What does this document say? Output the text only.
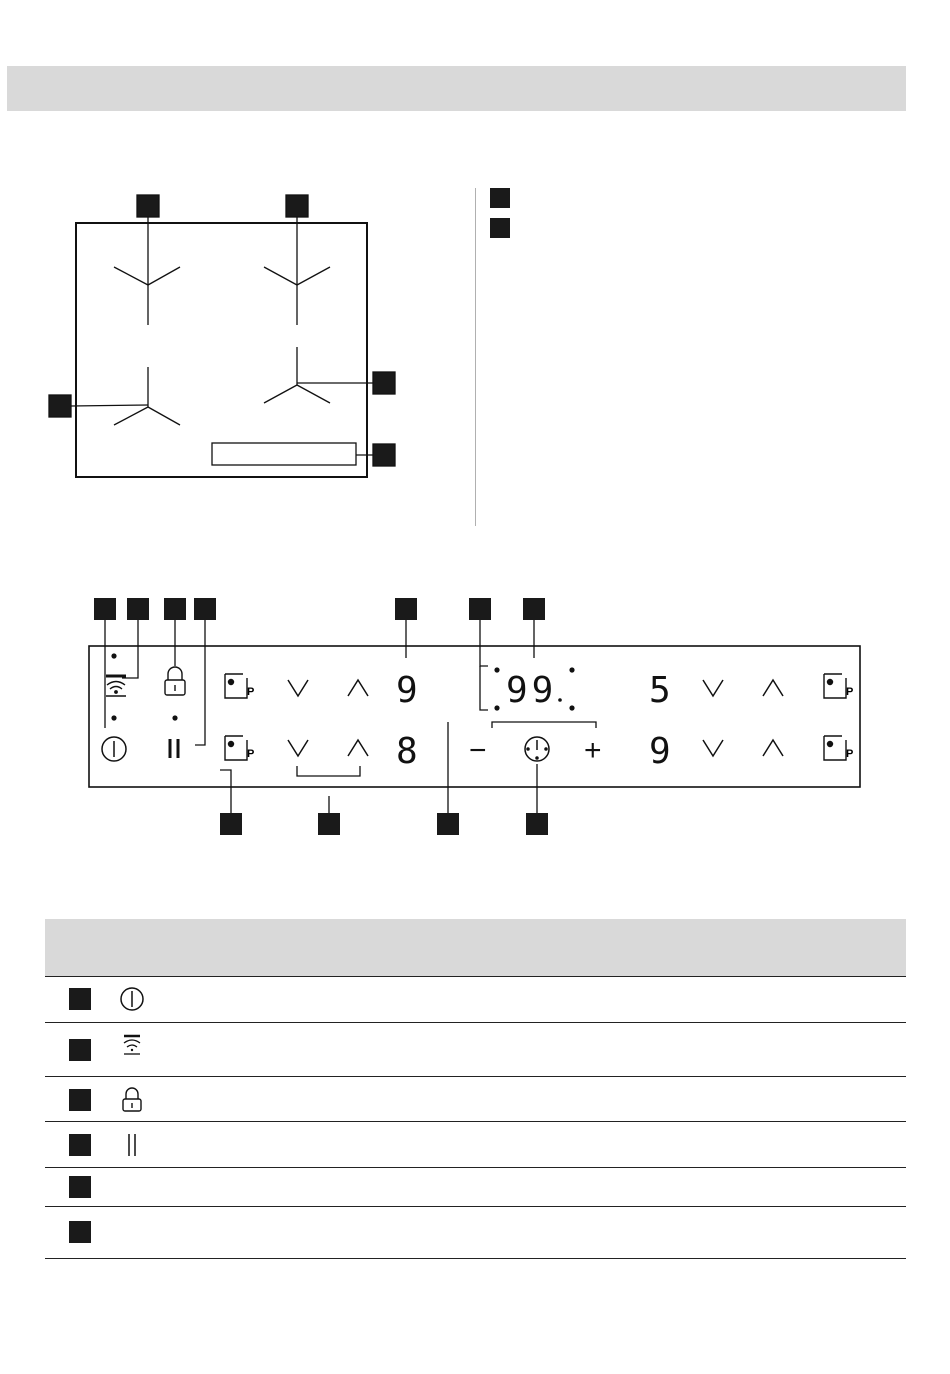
P
P
P
P
9
8
99	5
9
−	+
